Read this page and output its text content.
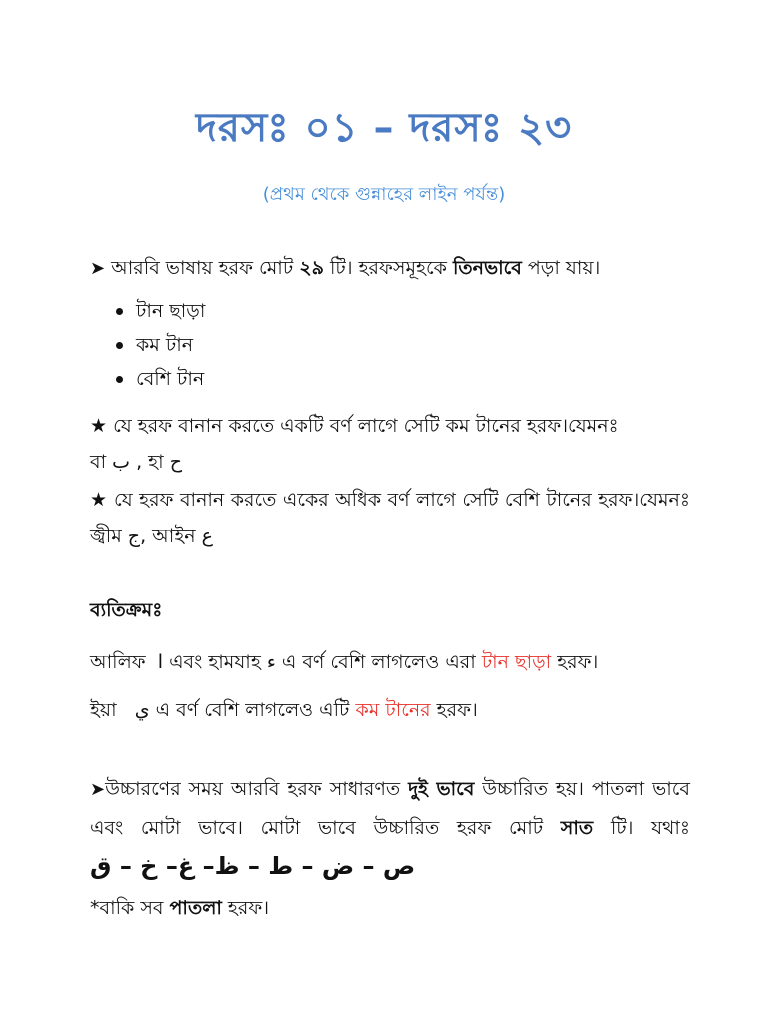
দরসঃ ০১ – দরসঃ ২৩
(প্রথম থেকে গুন্নাহের লাইন পর্যন্ত)
➤ আরবি ভাষায় হরফ মোট ২৯ টি। হরফসমূহকে তিনভাবে পড়া যায়।
টান ছাড়া
কম টান
বেশি টান
★ যে হরফ বানান করতে একটি বর্ণ লাগে সেটি কম টানের হরফ।যেমনঃ
বা ب , হা ح
★ যে হরফ বানান করতে একের অধিক বর্ণ লাগে সেটি বেশি টানের হরফ।যেমনঃ জ্বীম ج, আইন ع
ব্যতিক্রমঃ
আলিফ ا এবং হামযাহ ء এ বর্ণ বেশি লাগলেও এরা টান ছাড়া হরফ।
ইয়া ي এ বর্ণ বেশি লাগলেও এটি কম টানের হরফ।
➤উচ্চারণের সময় আরবি হরফ সাধারণত দুই ভাবে উচ্চারিত হয়। পাতলা ভাবে এবং মোটা ভাবে। মোটা ভাবে উচ্চারিত হরফ মোট সাত টি। যথাঃ ص – ض – ط – ظ– غ– خ – ق
*বাকি সব পাতলা হরফ।
